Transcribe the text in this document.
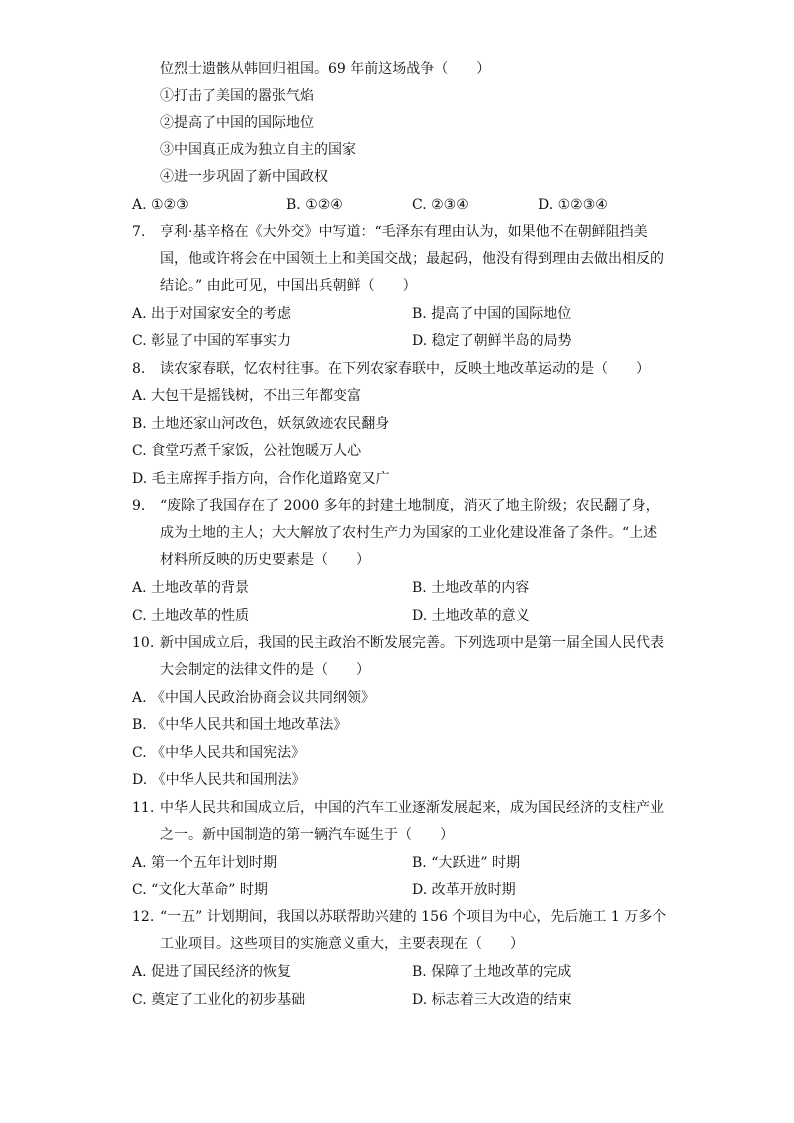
位烈士遗骸从韩回归祖国。69 年前这场战争（　　）
①打击了美国的嚣张气焰
②提高了中国的国际地位
③中国真正成为独立自主的国家
④进一步巩固了新中国政权
A. ①②③	B. ①②④	C. ②③④	D. ①②③④
7. 亨利·基辛格在《大外交》中写道：“毛泽东有理由认为，如果他不在朝鲜阻挡美
国，他或许将会在中国领土上和美国交战；最起码，他没有得到理由去做出相反的
结论。” 由此可见，中国出兵朝鲜（　　）
A. 出于对国家安全的考虑	B. 提高了中国的国际地位
C. 彰显了中国的军事实力	D. 稳定了朝鲜半岛的局势
8. 读农家春联，忆农村往事。在下列农家春联中，反映土地改革运动的是（　　）
A. 大包干是摇钱树，不出三年都变富
B. 土地还家山河改色，妖氛敛迹农民翻身
C. 食堂巧煮千家饭，公社饱暖万人心
D. 毛主席挥手指方向，合作化道路宽又广
9. “废除了我国存在了 2000 多年的封建土地制度，消灭了地主阶级；农民翻了身，
成为土地的主人；大大解放了农村生产力为国家的工业化建设准备了条件。“上述
材料所反映的历史要素是（　　）
A. 土地改革的背景	B. 土地改革的内容
C. 土地改革的性质	D. 土地改革的意义
10. 新中国成立后，我国的民主政治不断发展完善。下列选项中是第一届全国人民代表
大会制定的法律文件的是（　　）
A. 《中国人民政治协商会议共同纲领》
B. 《中华人民共和国土地改革法》
C. 《中华人民共和国宪法》
D. 《中华人民共和国刑法》
11. 中华人民共和国成立后，中国的汽车工业逐渐发展起来，成为国民经济的支柱产业
之一。新中国制造的第一辆汽车诞生于（　　）
A. 第一个五年计划时期	B. “大跃进” 时期
C. “文化大革命” 时期	D. 改革开放时期
12. “一五” 计划期间，我国以苏联帮助兴建的 156 个项目为中心，先后施工 1 万多个
工业项目。这些项目的实施意义重大，主要表现在（　　）
A. 促进了国民经济的恢复	B. 保障了土地改革的完成
C. 奠定了工业化的初步基础	D. 标志着三大改造的结束
